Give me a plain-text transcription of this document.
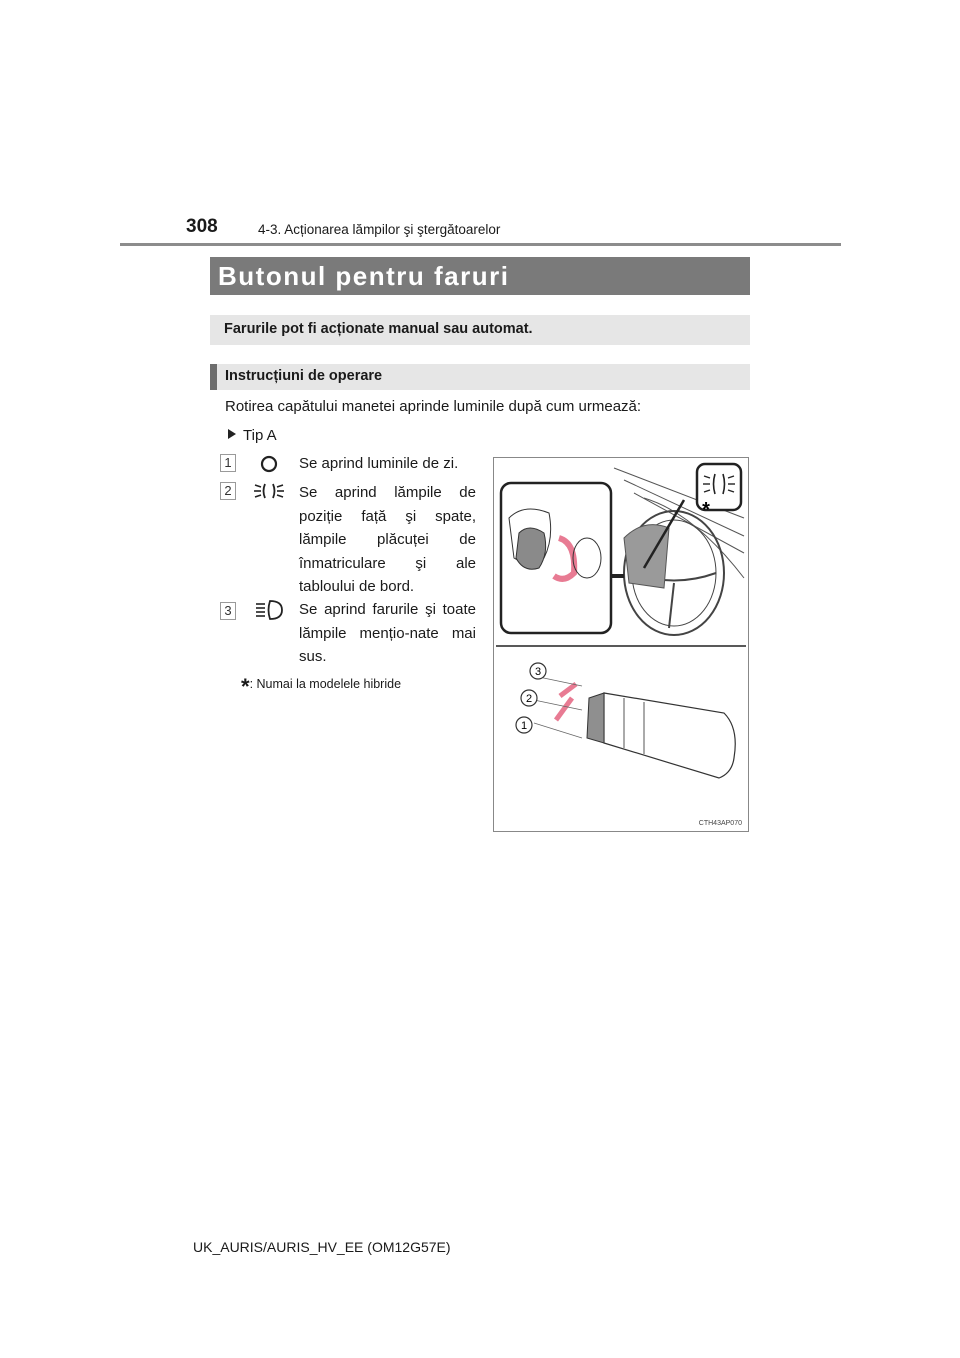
308	4-3. Acționarea lămpilor şi ştergătoarelor
Butonul pentru faruri
Farurile pot fi acționate manual sau automat.
Instrucțiuni de operare
Rotirea capătului manetei aprinde luminile după cum urmează:
Tip A
1	Se aprind luminile de zi.
2	Se aprind lămpile de poziție față şi spate, lămpile plăcuței de înmatriculare şi ale tabloului de bord.
3	Se aprind farurile şi toate lămpile mențio-nate mai sus.
*: Numai la modelele hibride
3
2
1
*
CTH43AP070
UK_AURIS/AURIS_HV_EE (OM12G57E)
